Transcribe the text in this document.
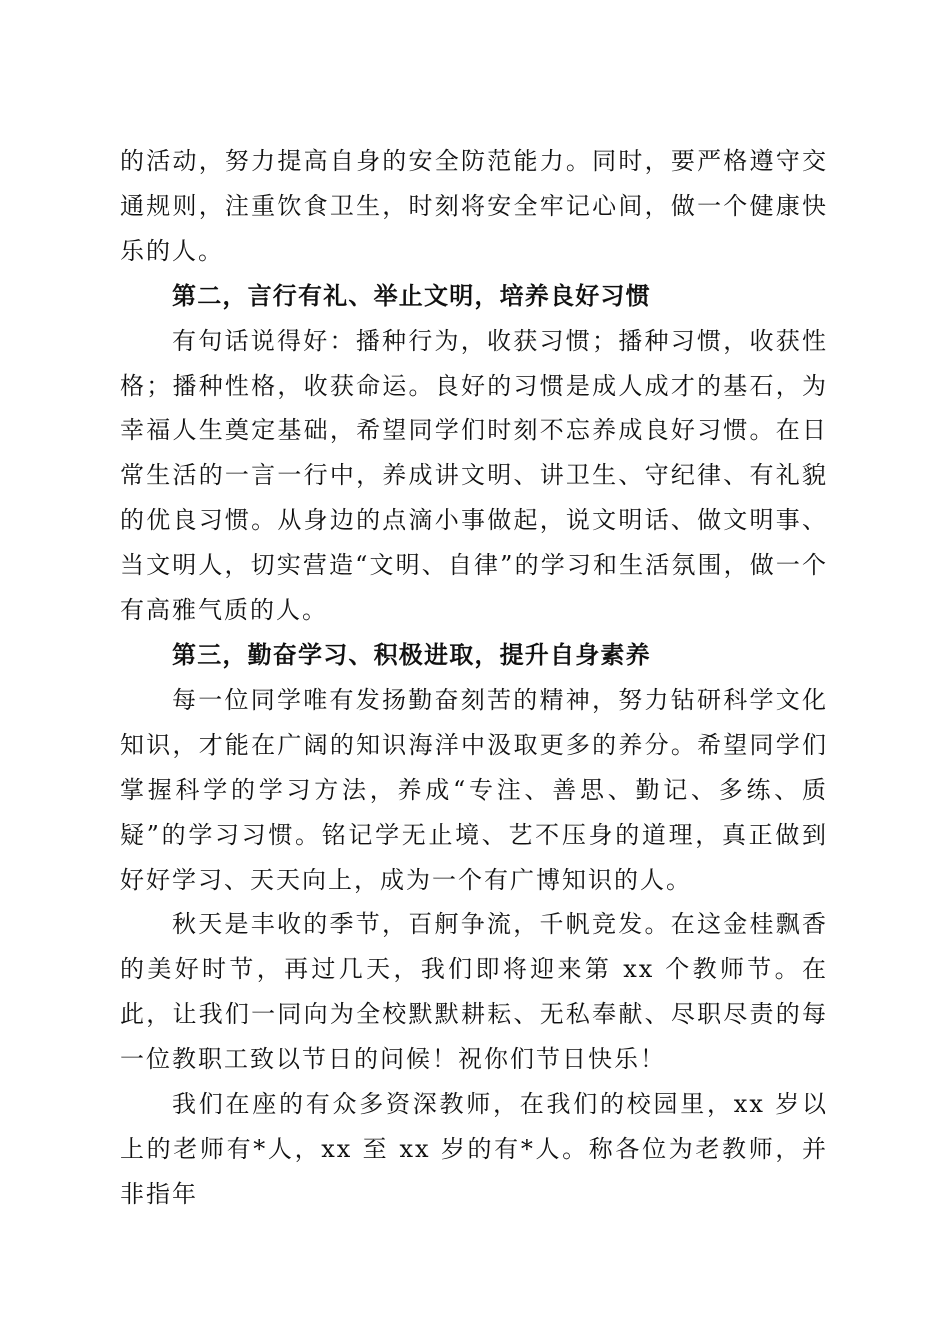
的活动，努力提高自身的安全防范能力。同时，要严格遵守交通规则，注重饮食卫生，时刻将安全牢记心间，做一个健康快乐的人。

第二，言行有礼、举止文明，培养良好习惯

有句话说得好：播种行为，收获习惯；播种习惯，收获性格；播种性格，收获命运。良好的习惯是成人成才的基石，为幸福人生奠定基础，希望同学们时刻不忘养成良好习惯。在日常生活的一言一行中，养成讲文明、讲卫生、守纪律、有礼貌的优良习惯。从身边的点滴小事做起，说文明话、做文明事、当文明人，切实营造“文明、自律”的学习和生活氛围，做一个有高雅气质的人。

第三，勤奋学习、积极进取，提升自身素养

每一位同学唯有发扬勤奋刻苦的精神，努力钻研科学文化知识，才能在广阔的知识海洋中汲取更多的养分。希望同学们掌握科学的学习方法，养成“专注、善思、勤记、多练、质疑”的学习习惯。铭记学无止境、艺不压身的道理，真正做到好好学习、天天向上，成为一个有广博知识的人。

秋天是丰收的季节，百舸争流，千帆竞发。在这金桂飘香的美好时节，再过几天，我们即将迎来第 xx 个教师节。在此，让我们一同向为全校默默耕耘、无私奉献、尽职尽责的每一位教职工致以节日的问候！祝你们节日快乐！

我们在座的有众多资深教师，在我们的校园里，xx 岁以上的老师有*人，xx 至 xx 岁的有*人。称各位为老教师，并非指年
